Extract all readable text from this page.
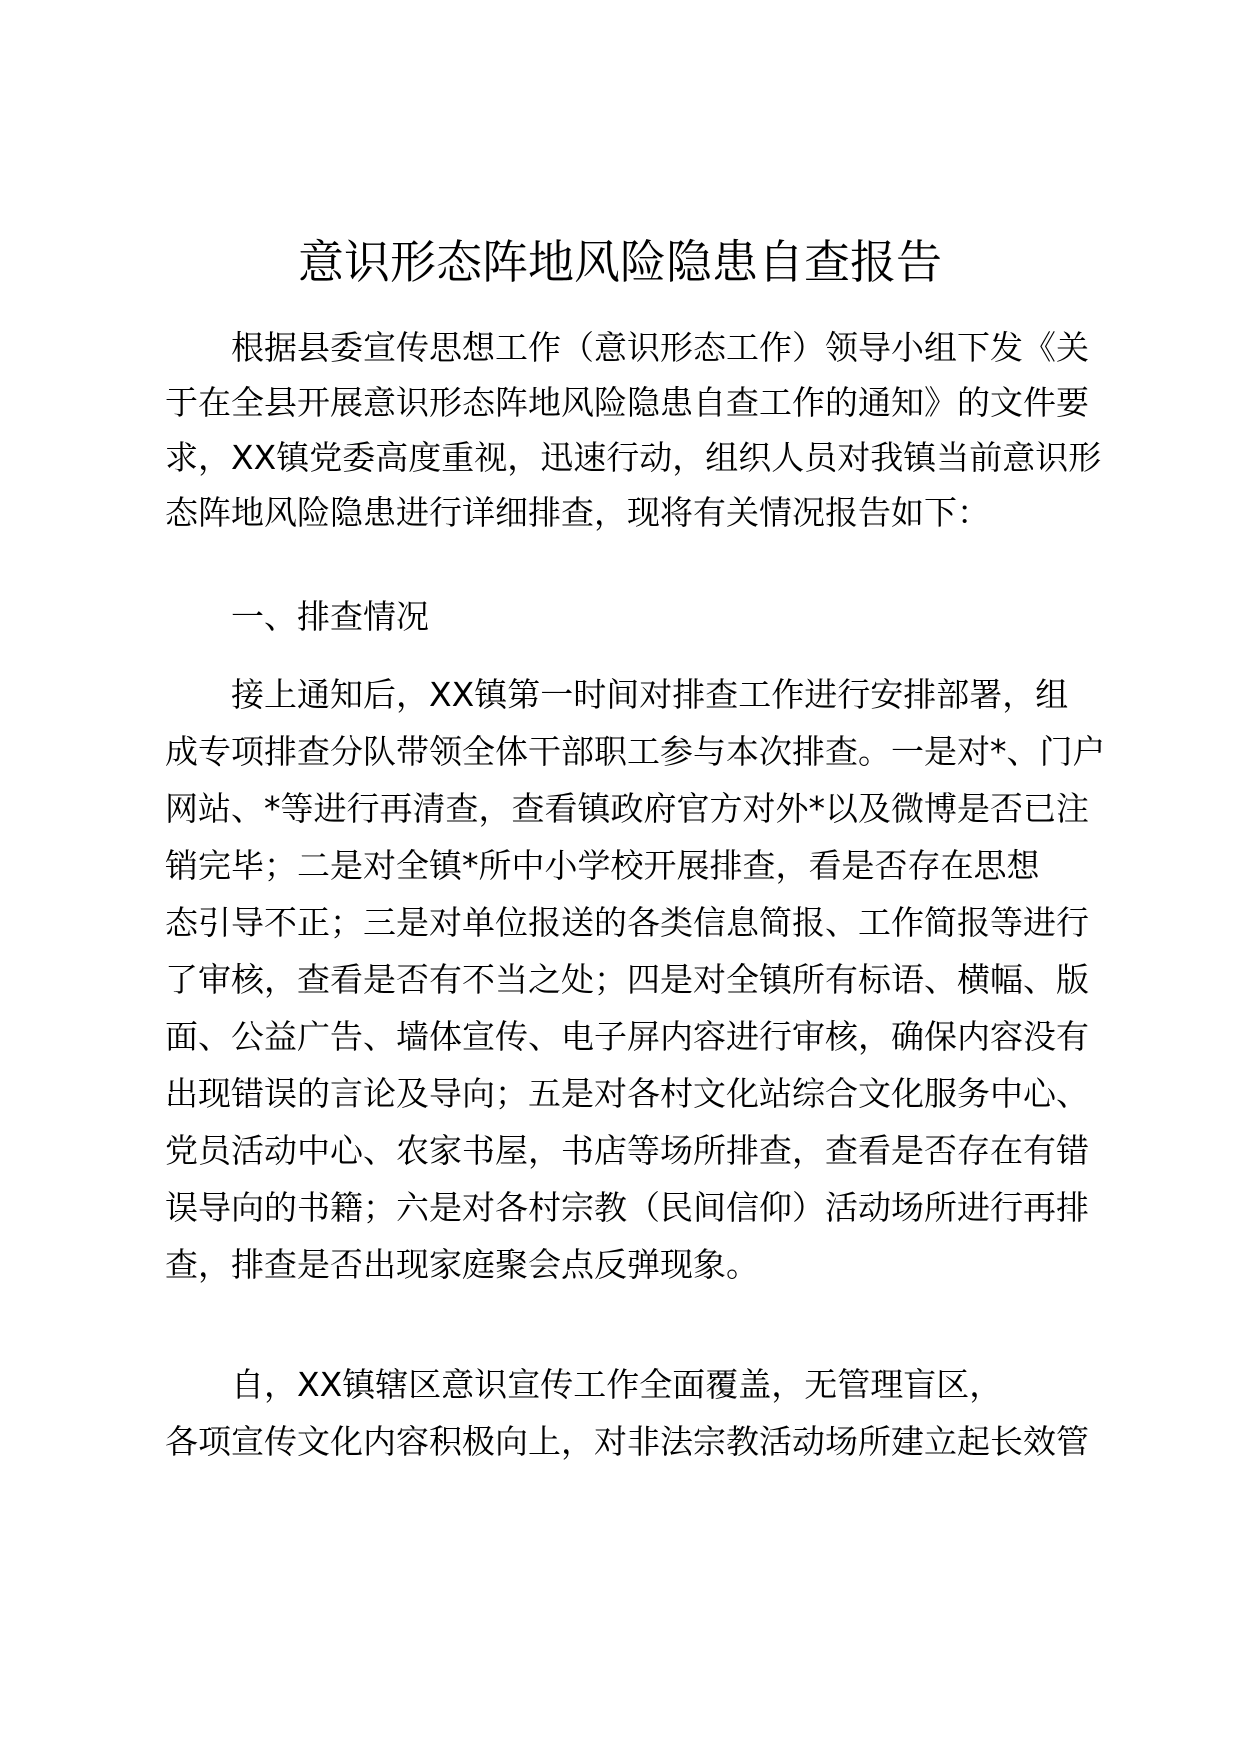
意识形态阵地风险隐患自查报告
根据县委宣传思想工作（意识形态工作）领导小组下发《关
于在全县开展意识形态阵地风险隐患自查工作的通知》的文件要
求，XX镇党委高度重视，迅速行动，组织人员对我镇当前意识形
态阵地风险隐患进行详细排查，现将有关情况报告如下：
一、排查情况
接上通知后，XX镇第一时间对排查工作进行安排部署，组
成专项排查分队带领全体干部职工参与本次排查。一是对*、门户
网站、*等进行再清查，查看镇政府官方对外*以及微博是否已注
销完毕；二是对全镇*所中小学校开展排查，看是否存在思想
态引导不正；三是对单位报送的各类信息简报、工作简报等进行
了审核，查看是否有不当之处；四是对全镇所有标语、横幅、版
面、公益广告、墙体宣传、电子屏内容进行审核，确保内容没有
出现错误的言论及导向；五是对各村文化站综合文化服务中心、
党员活动中心、农家书屋，书店等场所排查，查看是否存在有错
误导向的书籍；六是对各村宗教（民间信仰）活动场所进行再排
查，排查是否出现家庭聚会点反弹现象。
自，XX镇辖区意识宣传工作全面覆盖，无管理盲区，
各项宣传文化内容积极向上，对非法宗教活动场所建立起长效管
